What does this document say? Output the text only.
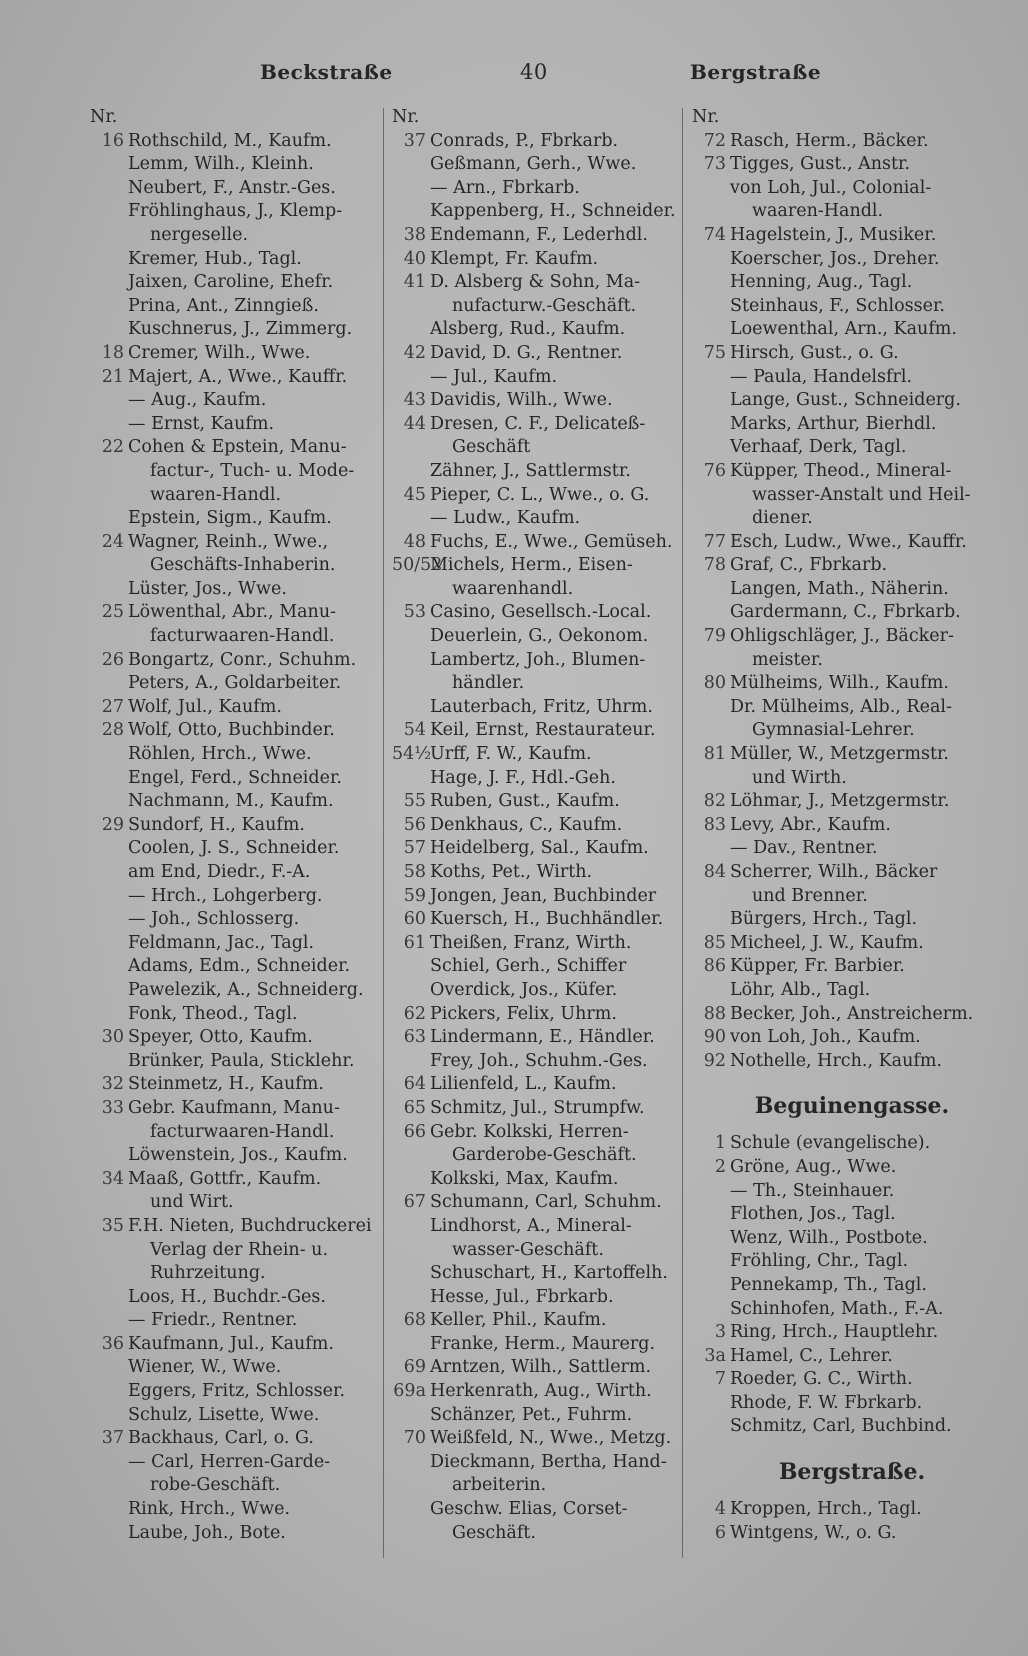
Beckstraße	40	Bergstraße
Nr.
16 Rothschild, M., Kaufm.
Lemm, Wilh., Kleinh.
Neubert, F., Anstr.-Ges.
Fröhlinghaus, J., Klemp-
nergeselle.
Kremer, Hub., Tagl.
Jaixen, Caroline, Ehefr.
Prina, Ant., Zinngieß.
Kuschnerus, J., Zimmerg.
18 Cremer, Wilh., Wwe.
21 Majert, A., Wwe., Kauffr.
— Aug., Kaufm.
— Ernst, Kaufm.
22 Cohen & Epstein, Manu-
factur-, Tuch- u. Mode-
waaren-Handl.
Epstein, Sigm., Kaufm.
24 Wagner, Reinh., Wwe.,
Geschäfts-Inhaberin.
Lüster, Jos., Wwe.
25 Löwenthal, Abr., Manu-
facturwaaren-Handl.
26 Bongartz, Conr., Schuhm.
Peters, A., Goldarbeiter.
27 Wolf, Jul., Kaufm.
28 Wolf, Otto, Buchbinder.
Röhlen, Hrch., Wwe.
Engel, Ferd., Schneider.
Nachmann, M., Kaufm.
29 Sundorf, H., Kaufm.
Coolen, J. S., Schneider.
am End, Diedr., F.-A.
— Hrch., Lohgerberg.
— Joh., Schlosserg.
Feldmann, Jac., Tagl.
Adams, Edm., Schneider.
Pawelezik, A., Schneiderg.
Fonk, Theod., Tagl.
30 Speyer, Otto, Kaufm.
Brünker, Paula, Sticklehr.
32 Steinmetz, H., Kaufm.
33 Gebr. Kaufmann, Manu-
facturwaaren-Handl.
Löwenstein, Jos., Kaufm.
34 Maaß, Gottfr., Kaufm.
und Wirt.
35 F.H. Nieten, Buchdruckerei
Verlag der Rhein- u.
Ruhrzeitung.
Loos, H., Buchdr.-Ges.
— Friedr., Rentner.
36 Kaufmann, Jul., Kaufm.
Wiener, W., Wwe.
Eggers, Fritz, Schlosser.
Schulz, Lisette, Wwe.
37 Backhaus, Carl, o. G.
— Carl, Herren-Garde-
robe-Geschäft.
Rink, Hrch., Wwe.
Laube, Joh., Bote.
Nr.
37 Conrads, P., Fbrkarb.
Geßmann, Gerh., Wwe.
— Arn., Fbrkarb.
Kappenberg, H., Schneider.
38 Endemann, F., Lederhdl.
40 Klempt, Fr. Kaufm.
41 D. Alsberg & Sohn, Ma-
nufacturw.-Geschäft.
Alsberg, Rud., Kaufm.
42 David, D. G., Rentner.
— Jul., Kaufm.
43 Davidis, Wilh., Wwe.
44 Dresen, C. F., Delicateß-
Geschäft
Zähner, J., Sattlermstr.
45 Pieper, C. L., Wwe., o. G.
— Ludw., Kaufm.
48 Fuchs, E., Wwe., Gemüseh.
50/52
Michels, Herm., Eisen-
waarenhandl.
53 Casino, Gesellsch.-Local.
Deuerlein, G., Oekonom.
Lambertz, Joh., Blumen-
händler.
Lauterbach, Fritz, Uhrm.
54 Keil, Ernst, Restaurateur.
54½
Urff, F. W., Kaufm.
Hage, J. F., Hdl.-Geh.
55 Ruben, Gust., Kaufm.
56 Denkhaus, C., Kaufm.
57 Heidelberg, Sal., Kaufm.
58 Koths, Pet., Wirth.
59 Jongen, Jean, Buchbinder
60 Kuersch, H., Buchhändler.
61 Theißen, Franz, Wirth.
Schiel, Gerh., Schiffer
Overdick, Jos., Küfer.
62 Pickers, Felix, Uhrm.
63 Lindermann, E., Händler.
Frey, Joh., Schuhm.-Ges.
64 Lilienfeld, L., Kaufm.
65 Schmitz, Jul., Strumpfw.
66 Gebr. Kolkski, Herren-
Garderobe-Geschäft.
Kolkski, Max, Kaufm.
67 Schumann, Carl, Schuhm.
Lindhorst, A., Mineral-
wasser-Geschäft.
Schuschart, H., Kartoffelh.
Hesse, Jul., Fbrkarb.
68 Keller, Phil., Kaufm.
Franke, Herm., Maurerg.
69 Arntzen, Wilh., Sattlerm.
69a Herkenrath, Aug., Wirth.
Schänzer, Pet., Fuhrm.
70 Weißfeld, N., Wwe., Metzg.
Dieckmann, Bertha, Hand-
arbeiterin.
Geschw. Elias, Corset-
Geschäft.
Nr.
72 Rasch, Herm., Bäcker.
73 Tigges, Gust., Anstr.
von Loh, Jul., Colonial-
waaren-Handl.
74 Hagelstein, J., Musiker.
Koerscher, Jos., Dreher.
Henning, Aug., Tagl.
Steinhaus, F., Schlosser.
Loewenthal, Arn., Kaufm.
75 Hirsch, Gust., o. G.
— Paula, Handelsfrl.
Lange, Gust., Schneiderg.
Marks, Arthur, Bierhdl.
Verhaaf, Derk, Tagl.
76 Küpper, Theod., Mineral-
wasser-Anstalt und Heil-
diener.
77 Esch, Ludw., Wwe., Kauffr.
78 Graf, C., Fbrkarb.
Langen, Math., Näherin.
Gardermann, C., Fbrkarb.
79 Ohligschläger, J., Bäcker-
meister.
80 Mülheims, Wilh., Kaufm.
Dr. Mülheims, Alb., Real-
Gymnasial-Lehrer.
81 Müller, W., Metzgermstr.
und Wirth.
82 Löhmar, J., Metzgermstr.
83 Levy, Abr., Kaufm.
— Dav., Rentner.
84 Scherrer, Wilh., Bäcker
und Brenner.
Bürgers, Hrch., Tagl.
85 Micheel, J. W., Kaufm.
86 Küpper, Fr. Barbier.
Löhr, Alb., Tagl.
88 Becker, Joh., Anstreicherm.
90 von Loh, Joh., Kaufm.
92 Nothelle, Hrch., Kaufm.
Beguinengasse.
1 Schule (evangelische).
2 Gröne, Aug., Wwe.
— Th., Steinhauer.
Flothen, Jos., Tagl.
Wenz, Wilh., Postbote.
Fröhling, Chr., Tagl.
Pennekamp, Th., Tagl.
Schinhofen, Math., F.-A.
3 Ring, Hrch., Hauptlehr.
3a Hamel, C., Lehrer.
7 Roeder, G. C., Wirth.
Rhode, F. W. Fbrkarb.
Schmitz, Carl, Buchbind.
Bergstraße.
4 Kroppen, Hrch., Tagl.
6 Wintgens, W., o. G.
